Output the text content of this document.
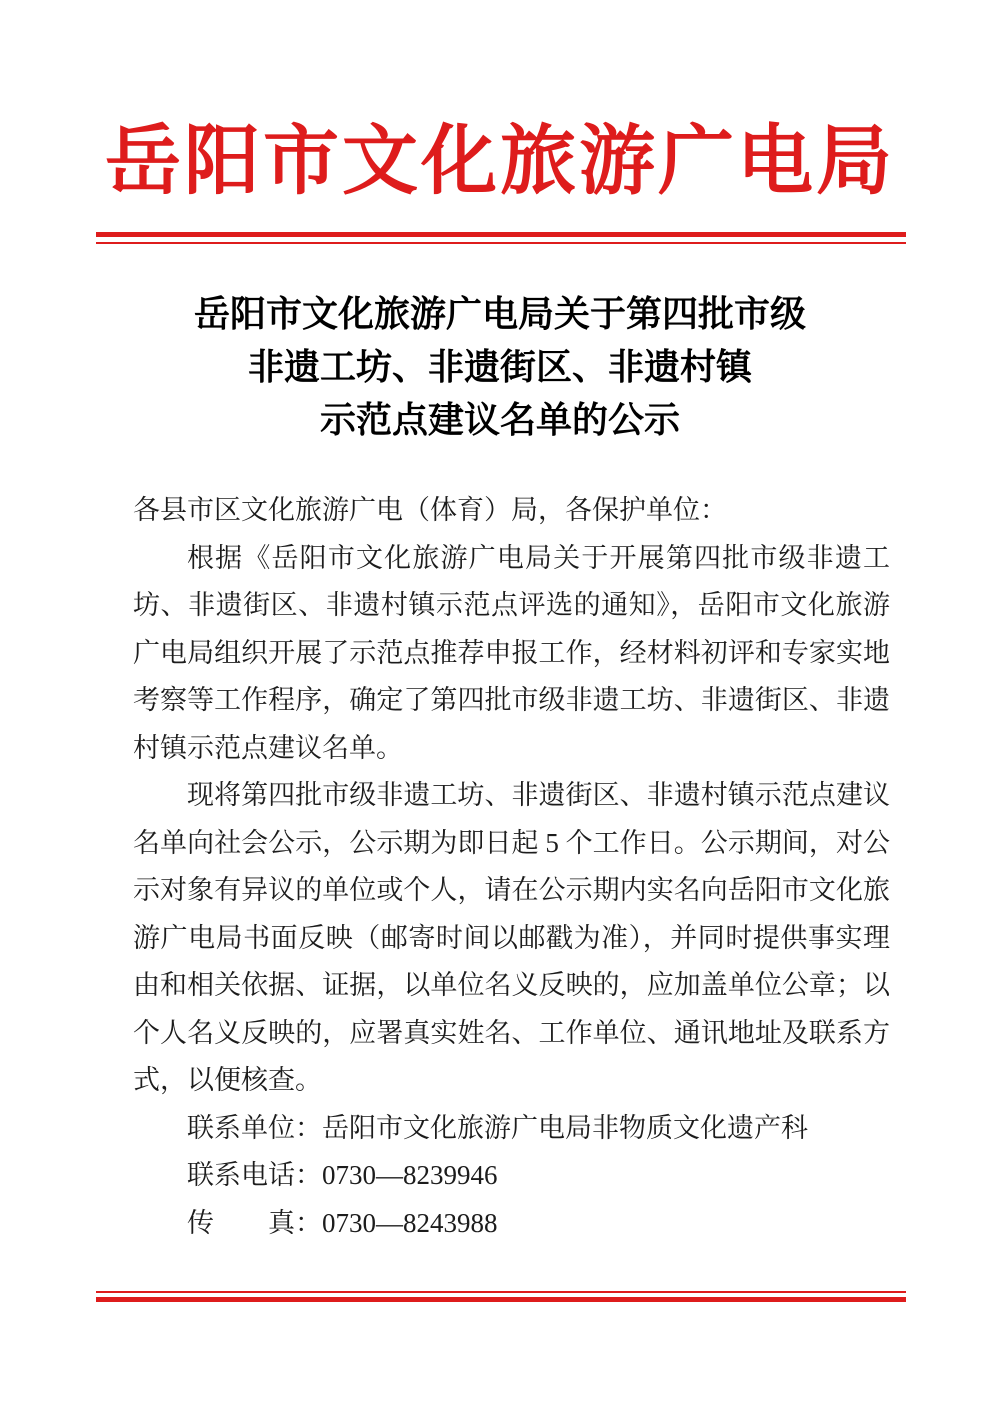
岳阳市文化旅游广电局
岳阳市文化旅游广电局关于第四批市级
非遗工坊、非遗街区、非遗村镇
示范点建议名单的公示

各县市区文化旅游广电（体育）局，各保护单位：

根据《岳阳市文化旅游广电局关于开展第四批市级非遗工坊、非遗街区、非遗村镇示范点评选的通知》，岳阳市文化旅游广电局组织开展了示范点推荐申报工作，经材料初评和专家实地考察等工作程序，确定了第四批市级非遗工坊、非遗街区、非遗村镇示范点建议名单。

现将第四批市级非遗工坊、非遗街区、非遗村镇示范点建议名单向社会公示，公示期为即日起 5 个工作日。公示期间，对公示对象有异议的单位或个人，请在公示期内实名向岳阳市文化旅游广电局书面反映（邮寄时间以邮戳为准），并同时提供事实理由和相关依据、证据，以单位名义反映的，应加盖单位公章；以个人名义反映的，应署真实姓名、工作单位、通讯地址及联系方式，以便核查。

联系单位：岳阳市文化旅游广电局非物质文化遗产科
联系电话：0730—8239946
传　　真：0730—8243988
